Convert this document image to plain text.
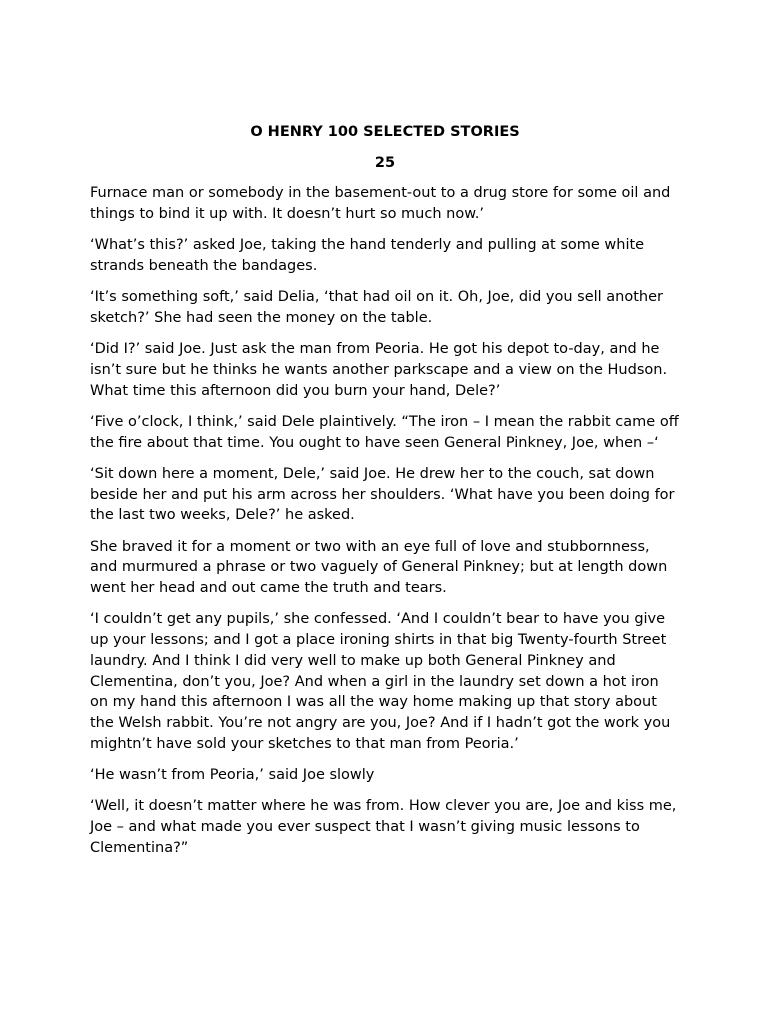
O HENRY 100 SELECTED STORIES
25

Furnace man or somebody in the basement-out to a drug store for some oil and things to bind it up with. It doesn’t hurt so much now.’

‘What’s this?’ asked Joe, taking the hand tenderly and pulling at some white strands beneath the bandages.

‘It’s something soft,’ said Delia, ‘that had oil on it. Oh, Joe, did you sell another sketch?’ She had seen the money on the table.

‘Did I?’ said Joe. Just ask the man from Peoria. He got his depot to-day, and he isn’t sure but he thinks he wants another parkscape and a view on the Hudson. What time this afternoon did you burn your hand, Dele?’

‘Five o’clock, I think,’ said Dele plaintively. “The iron – I mean the rabbit came off the fire about that time. You ought to have seen General Pinkney, Joe, when –‘

‘Sit down here a moment, Dele,’ said Joe. He drew her to the couch, sat down beside her and put his arm across her shoulders. ‘What have you been doing for the last two weeks, Dele?’ he asked.

She braved it for a moment or two with an eye full of love and stubbornness, and murmured a phrase or two vaguely of General Pinkney; but at length down went her head and out came the truth and tears.

‘I couldn’t get any pupils,’ she confessed. ‘And I couldn’t bear to have you give up your lessons; and I got a place ironing shirts in that big Twenty-fourth Street laundry. And I think I did very well to make up both General Pinkney and Clementina, don’t you, Joe? And when a girl in the laundry set down a hot iron on my hand this afternoon I was all the way home making up that story about the Welsh rabbit. You’re not angry are you, Joe? And if I hadn’t got the work you mightn’t have sold your sketches to that man from Peoria.’

‘He wasn’t from Peoria,’ said Joe slowly

‘Well, it doesn’t matter where he was from. How clever you are, Joe and kiss me, Joe – and what made you ever suspect that I wasn’t giving music lessons to Clementina?”
